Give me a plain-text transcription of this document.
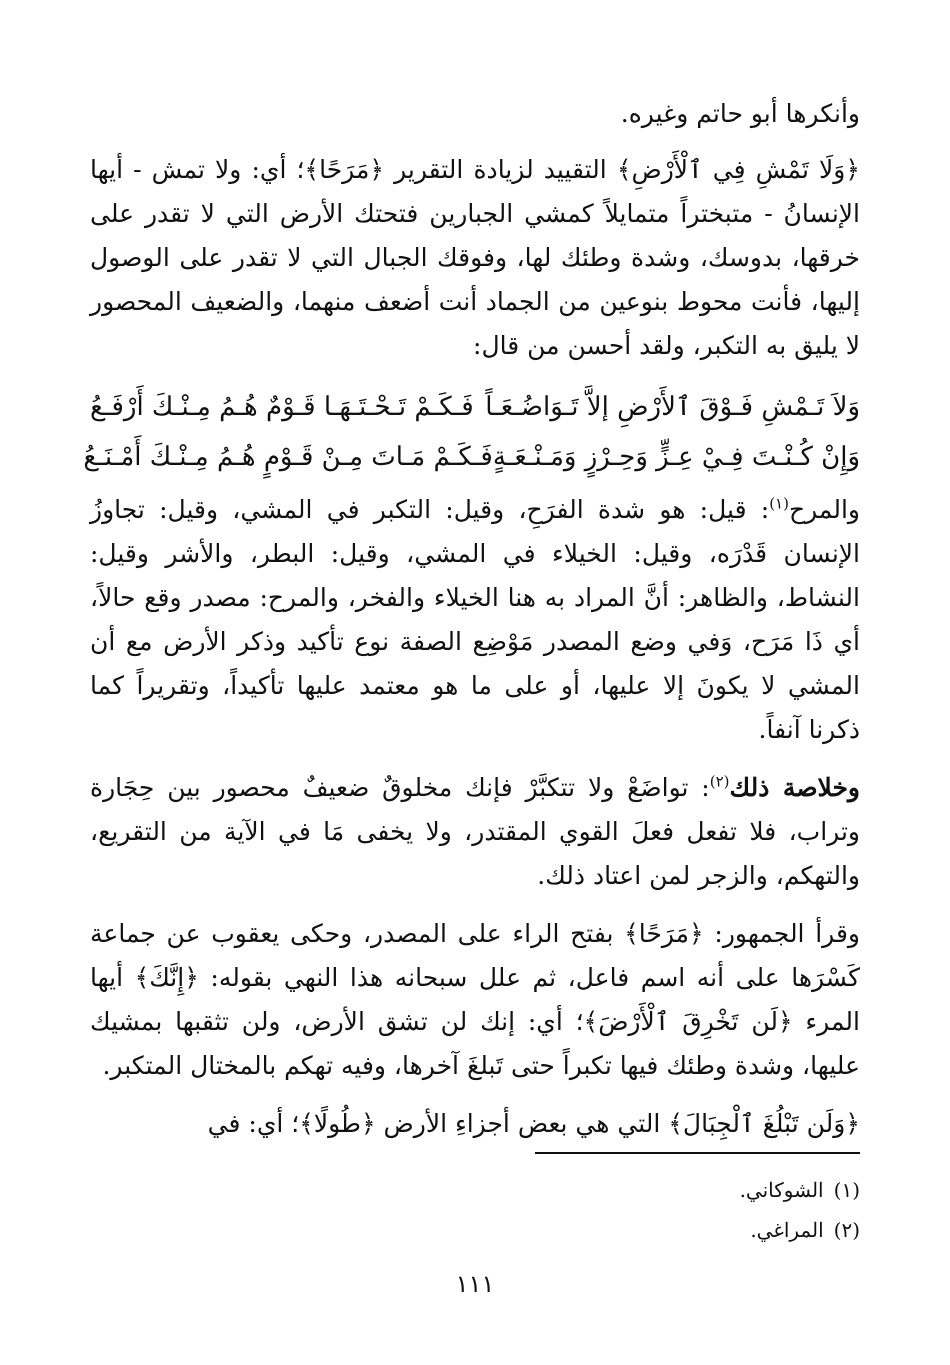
وأنكرها أبو حاتم وغيره.

﴿وَلَا تَمْشِ فِي ٱلْأَرْضِ﴾ التقييد لزيادة التقرير ﴿مَرَحًا﴾؛ أي: ولا تمش - أيها الإنسانُ - متبختراً متمايلاً كمشي الجبارين فتحتك الأرض التي لا تقدر على خرقها، بدوسك، وشدة وطئك لها، وفوقك الجبال التي لا تقدر على الوصول إليها، فأنت محوط بنوعين من الجماد أنت أضعف منهما، والضعيف المحصور لا يليق به التكبر، ولقد أحسن من قال:

وَلاَ تَـمْشِ فَـوْقَ ٱلأَرْضِ إلاَّ تَـوَاضُـعَـاً
فَـكَـمْ تَـحْـتَـهَـا قَـوْمٌ هُـمُ مِـنْـكَ أَرْفَـعُ
وَإِنْ كُـنْـتَ فِـيْ عِـزٍّ وَحِـرْزٍ وَمَـنْـعَـةٍ
فَـكَـمْ مَـاتَ مِـنْ قَـوْمٍ هُـمُ مِـنْـكَ أَمْـنَـعُ

والمرح$^{(١)}$: قيل: هو شدة الفرَحِ، وقيل: التكبر في المشي، وقيل: تجاوزُ الإنسان قَدْرَه، وقيل: الخيلاء في المشي، وقيل: البطر، والأشر وقيل: النشاط، والظاهر: أنَّ المراد به هنا الخيلاء والفخر، والمرح: مصدر وقع حالاً، أي ذَا مَرَح، وَفي وضع المصدر مَوْضِع الصفة نوع تأكيد وذكر الأرض مع أن المشي لا يكونَ إلا عليها، أو على ما هو معتمد عليها تأكيداً، وتقريراً كما ذكرنا آنفاً.

وخلاصة ذلك$^{(٢)}$: تواضَعْ ولا تتكبَّرْ فإنك مخلوقٌ ضعيفٌ محصور بين حِجَارة وتراب، فلا تفعل فعلَ القوي المقتدر، ولا يخفى مَا في الآية من التقريع، والتهكم، والزجر لمن اعتاد ذلك.

وقرأ الجمهور: ﴿مَرَحًا﴾ بفتح الراء على المصدر، وحكى يعقوب عن جماعة كَسْرَها على أنه اسم فاعل، ثم علل سبحانه هذا النهي بقوله: ﴿إِنَّكَ﴾ أيها المرء ﴿لَن تَخْرِقَ ٱلْأَرْضَ﴾؛ أي: إنك لن تشق الأرض، ولن تثقبها بمشيك عليها، وشدة وطئك فيها تكبراً حتى تَبلغَ آخرها، وفيه تهكم بالمختال المتكبر.

﴿وَلَن تَبْلُغَ ٱلْجِبَالَ﴾ التي هي بعض أجزاءِ الأرض ﴿طُولًا﴾؛ أي: في

(١)الشوكاني.

(٢)المراغي.

١١١
